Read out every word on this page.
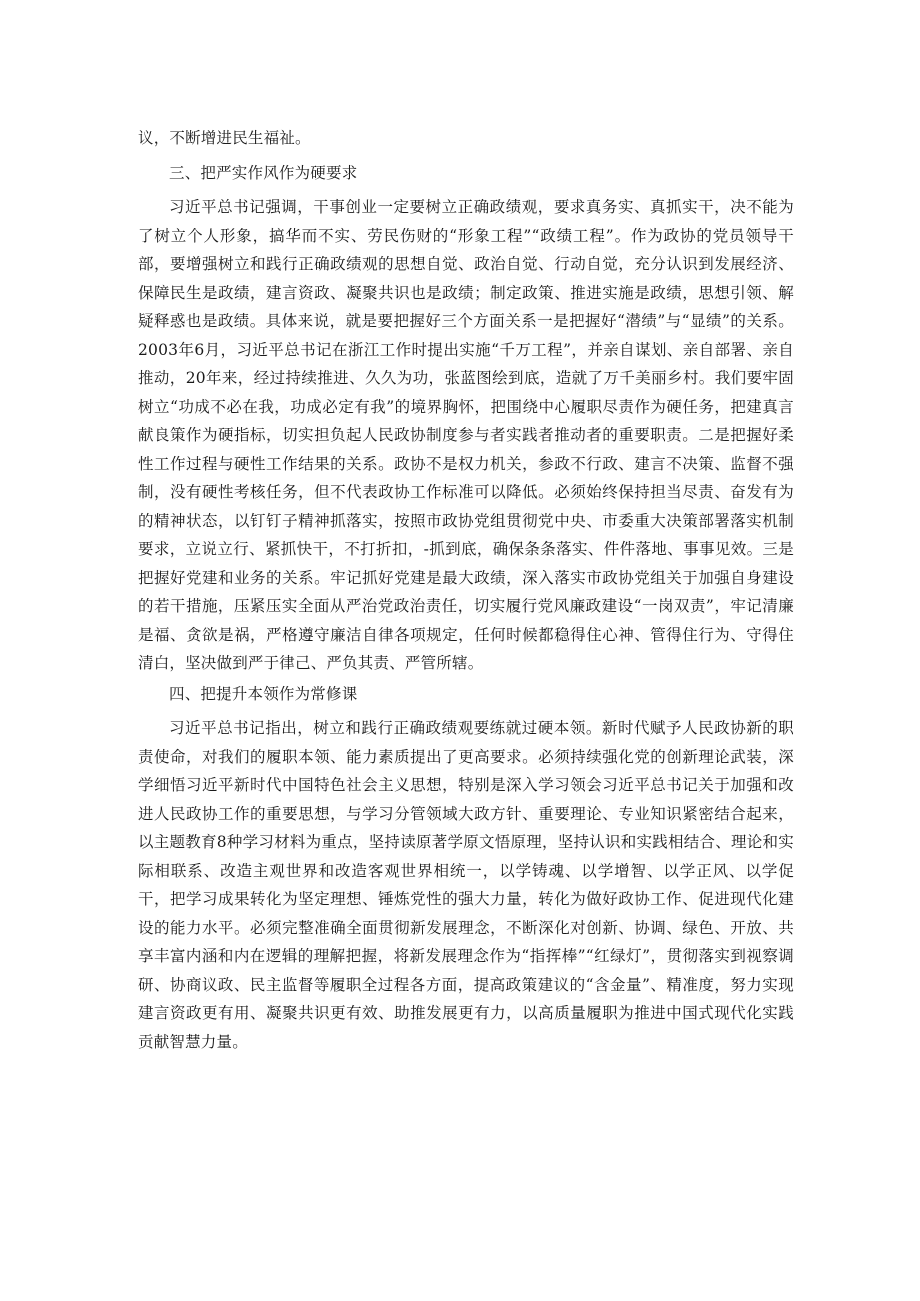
议，不断增进民生福祉。

三、把严实作风作为硬要求

习近平总书记强调，干事创业一定要树立正确政绩观，要求真务实、真抓实干，决不能为了树立个人形象，搞华而不实、劳民伤财的“形象工程”“政绩工程”。作为政协的党员领导干部，要增强树立和践行正确政绩观的思想自觉、政治自觉、行动自觉，充分认识到发展经济、保障民生是政绩，建言资政、凝聚共识也是政绩；制定政策、推进实施是政绩，思想引领、解疑释惑也是政绩。具体来说，就是要把握好三个方面关系一是把握好“潜绩”与“显绩”的关系。2003年6月，习近平总书记在浙江工作时提出实施“千万工程”，并亲自谋划、亲自部署、亲自推动，20年来，经过持续推进、久久为功，张蓝图绘到底，造就了万千美丽乡村。我们要牢固树立“功成不必在我，功成必定有我”的境界胸怀，把围绕中心履职尽责作为硬任务，把建真言献良策作为硬指标，切实担负起人民政协制度参与者实践者推动者的重要职责。二是把握好柔性工作过程与硬性工作结果的关系。政协不是权力机关，参政不行政、建言不决策、监督不强制，没有硬性考核任务，但不代表政协工作标准可以降低。必须始终保持担当尽责、奋发有为的精神状态，以钉钉子精神抓落实，按照市政协党组贯彻党中央、市委重大决策部署落实机制要求，立说立行、紧抓快干，不打折扣，-抓到底，确保条条落实、件件落地、事事见效。三是把握好党建和业务的关系。牢记抓好党建是最大政绩，深入落实市政协党组关于加强自身建设的若干措施，压紧压实全面从严治党政治责任，切实履行党风廉政建设“一岗双责”，牢记清廉是福、贪欲是祸，严格遵守廉洁自律各项规定，任何时候都稳得住心神、管得住行为、守得住清白，坚决做到严于律己、严负其责、严管所辖。

四、把提升本领作为常修课

习近平总书记指出，树立和践行正确政绩观要练就过硬本领。新时代赋予人民政协新的职责使命，对我们的履职本领、能力素质提出了更高要求。必须持续强化党的创新理论武装，深学细悟习近平新时代中国特色社会主义思想，特别是深入学习领会习近平总书记关于加强和改进人民政协工作的重要思想，与学习分管领域大政方针、重要理论、专业知识紧密结合起来，以主题教育8种学习材料为重点，坚持读原著学原文悟原理，坚持认识和实践相结合、理论和实际相联系、改造主观世界和改造客观世界相统一，以学铸魂、以学增智、以学正风、以学促干，把学习成果转化为坚定理想、锤炼党性的强大力量，转化为做好政协工作、促进现代化建设的能力水平。必须完整准确全面贯彻新发展理念，不断深化对创新、协调、绿色、开放、共享丰富内涵和内在逻辑的理解把握，将新发展理念作为“指挥棒”“红绿灯”，贯彻落实到视察调研、协商议政、民主监督等履职全过程各方面，提高政策建议的“含金量”、精准度，努力实现建言资政更有用、凝聚共识更有效、助推发展更有力，以高质量履职为推进中国式现代化实践贡献智慧力量。
